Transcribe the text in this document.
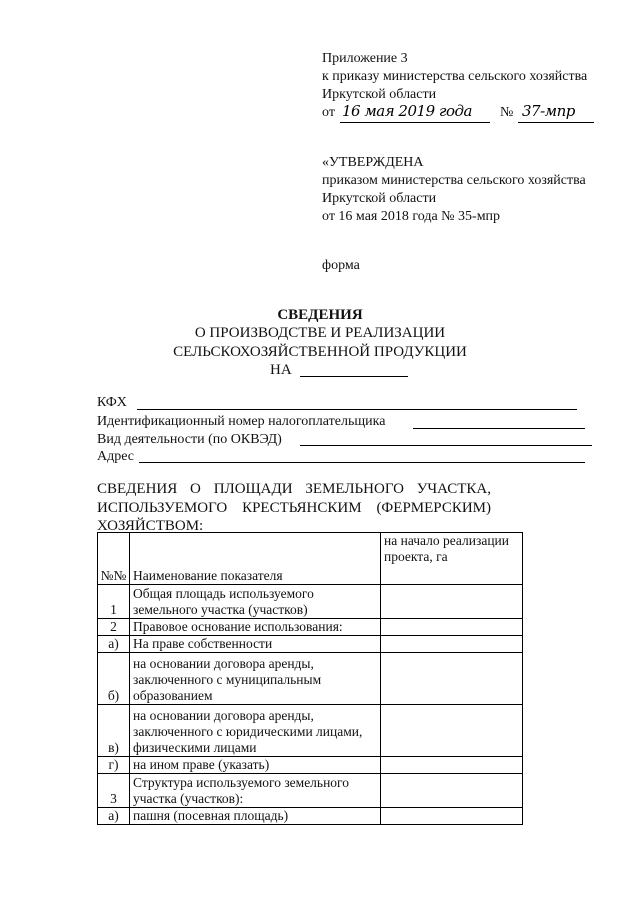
Приложение 3
к приказу министерства сельского хозяйства
Иркутской области
от 16 мая 2019 года № 37-мпр
«УТВЕРЖДЕНА
приказом министерства сельского хозяйства
Иркутской области
от 16 мая 2018 года № 35-мпр
форма
СВЕДЕНИЯ
О ПРОИЗВОДСТВЕ И РЕАЛИЗАЦИИ
СЕЛЬСКОХОЗЯЙСТВЕННОЙ ПРОДУКЦИИ
НА
КФХ
Идентификационный номер налогоплательщика
Вид деятельности (по ОКВЭД)
Адрес
СВЕДЕНИЯ О ПЛОЩАДИ ЗЕМЕЛЬНОГО УЧАСТКА,
ИСПОЛЬЗУЕМОГО КРЕСТЬЯНСКИМ (ФЕРМЕРСКИМ)
ХОЗЯЙСТВОМ:
№№	Наименование показателя	на начало реализации проекта, га
1	Общая площадь используемого земельного участка (участков)	
2	Правовое основание использования:	
а)	На праве собственности	
б)	на основании договора аренды, заключенного с муниципальным образованием	
в)	на основании договора аренды, заключенного с юридическими лицами, физическими лицами	
г)	на ином праве (указать)	
3	Структура используемого земельного участка (участков):	
а)	пашня (посевная площадь)	
